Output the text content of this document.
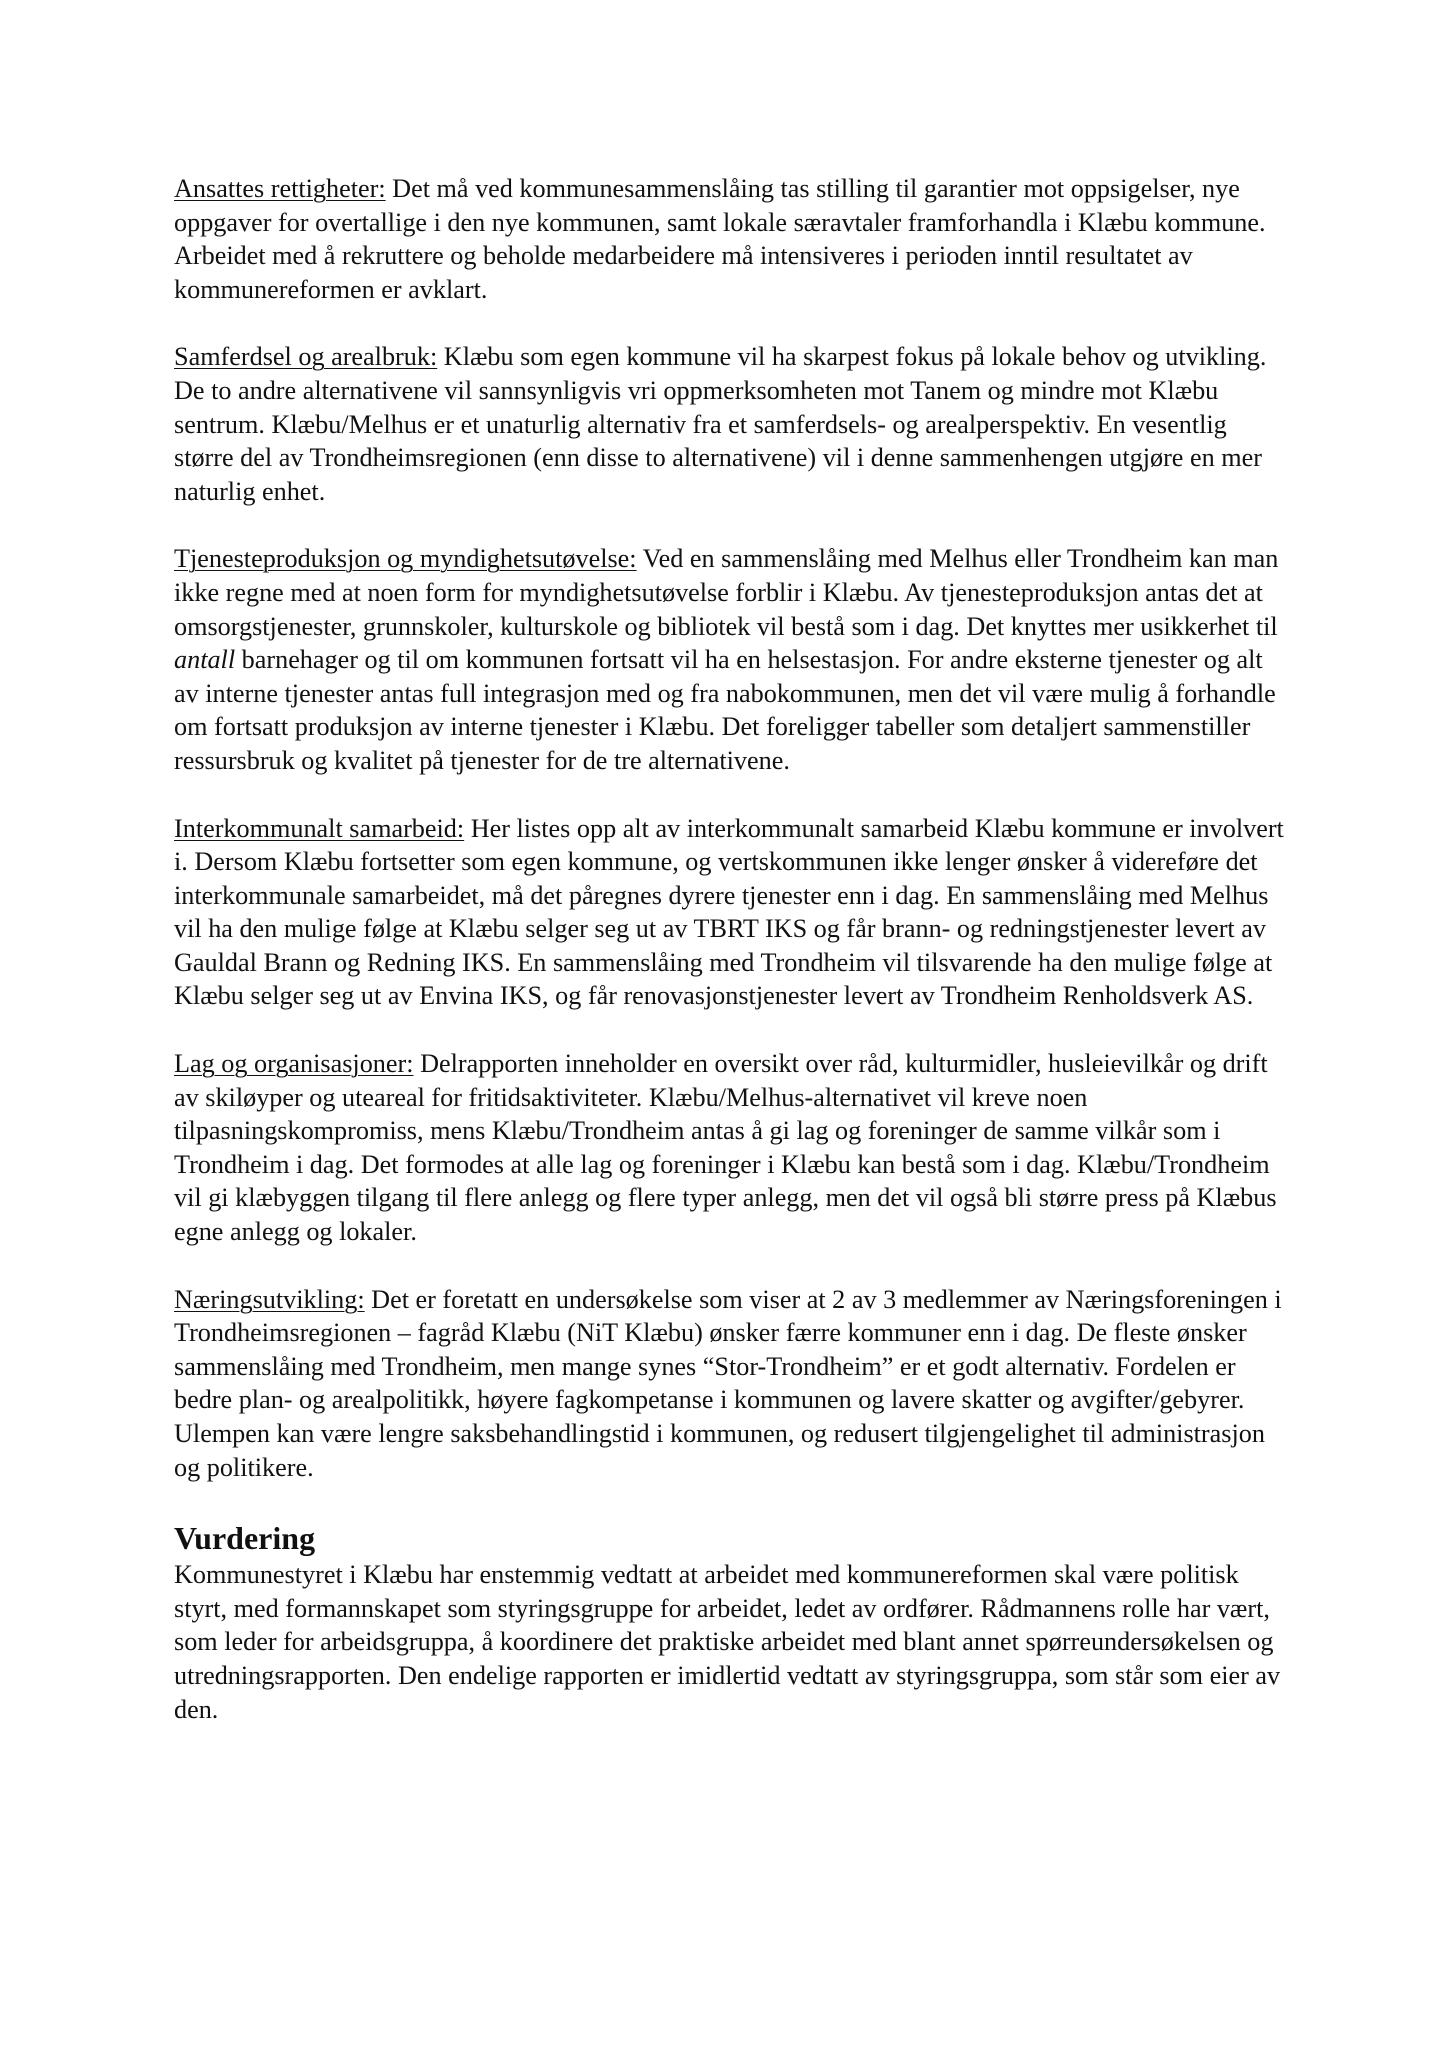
Ansattes rettigheter: Det må ved kommunesammenslåing tas stilling til garantier mot oppsigelser, nye oppgaver for overtallige i den nye kommunen, samt lokale særavtaler framforhandla i Klæbu kommune. Arbeidet med å rekruttere og beholde medarbeidere må intensiveres i perioden inntil resultatet av kommunereformen er avklart.

Samferdsel og arealbruk: Klæbu som egen kommune vil ha skarpest fokus på lokale behov og utvikling. De to andre alternativene vil sannsynligvis vri oppmerksomheten mot Tanem og mindre mot Klæbu sentrum. Klæbu/Melhus er et unaturlig alternativ fra et samferdsels- og arealperspektiv. En vesentlig større del av Trondheimsregionen (enn disse to alternativene) vil i denne sammenhengen utgjøre en mer naturlig enhet.

Tjenesteproduksjon og myndighetsutøvelse: Ved en sammenslåing med Melhus eller Trondheim kan man ikke regne med at noen form for myndighetsutøvelse forblir i Klæbu. Av tjenesteproduksjon antas det at omsorgstjenester, grunnskoler, kulturskole og bibliotek vil bestå som i dag. Det knyttes mer usikkerhet til antall barnehager og til om kommunen fortsatt vil ha en helsestasjon. For andre eksterne tjenester og alt av interne tjenester antas full integrasjon med og fra nabokommunen, men det vil være mulig å forhandle om fortsatt produksjon av interne tjenester i Klæbu. Det foreligger tabeller som detaljert sammenstiller ressursbruk og kvalitet på tjenester for de tre alternativene.

Interkommunalt samarbeid: Her listes opp alt av interkommunalt samarbeid Klæbu kommune er involvert i. Dersom Klæbu fortsetter som egen kommune, og vertskommunen ikke lenger ønsker å videreføre det interkommunale samarbeidet, må det påregnes dyrere tjenester enn i dag. En sammenslåing med Melhus vil ha den mulige følge at Klæbu selger seg ut av TBRT IKS og får brann- og redningstjenester levert av Gauldal Brann og Redning IKS. En sammenslåing med Trondheim vil tilsvarende ha den mulige følge at Klæbu selger seg ut av Envina IKS, og får renovasjonstjenester levert av Trondheim Renholdsverk AS.

Lag og organisasjoner: Delrapporten inneholder en oversikt over råd, kulturmidler, husleievilkår og drift av skiløyper og uteareal for fritidsaktiviteter. Klæbu/Melhus-alternativet vil kreve noen tilpasningskompromiss, mens Klæbu/Trondheim antas å gi lag og foreninger de samme vilkår som i Trondheim i dag. Det formodes at alle lag og foreninger i Klæbu kan bestå som i dag. Klæbu/Trondheim vil gi klæbyggen tilgang til flere anlegg og flere typer anlegg, men det vil også bli større press på Klæbus egne anlegg og lokaler.

Næringsutvikling: Det er foretatt en undersøkelse som viser at 2 av 3 medlemmer av Næringsforeningen i Trondheimsregionen – fagråd Klæbu (NiT Klæbu) ønsker færre kommuner enn i dag. De fleste ønsker sammenslåing med Trondheim, men mange synes “Stor-Trondheim” er et godt alternativ. Fordelen er bedre plan- og arealpolitikk, høyere fagkompetanse i kommunen og lavere skatter og avgifter/gebyrer. Ulempen kan være lengre saksbehandlingstid i kommunen, og redusert tilgjengelighet til administrasjon og politikere.

Vurdering

Kommunestyret i Klæbu har enstemmig vedtatt at arbeidet med kommunereformen skal være politisk styrt, med formannskapet som styringsgruppe for arbeidet, ledet av ordfører. Rådmannens rolle har vært, som leder for arbeidsgruppa, å koordinere det praktiske arbeidet med blant annet spørreundersøkelsen og utredningsrapporten. Den endelige rapporten er imidlertid vedtatt av styringsgruppa, som står som eier av den.
